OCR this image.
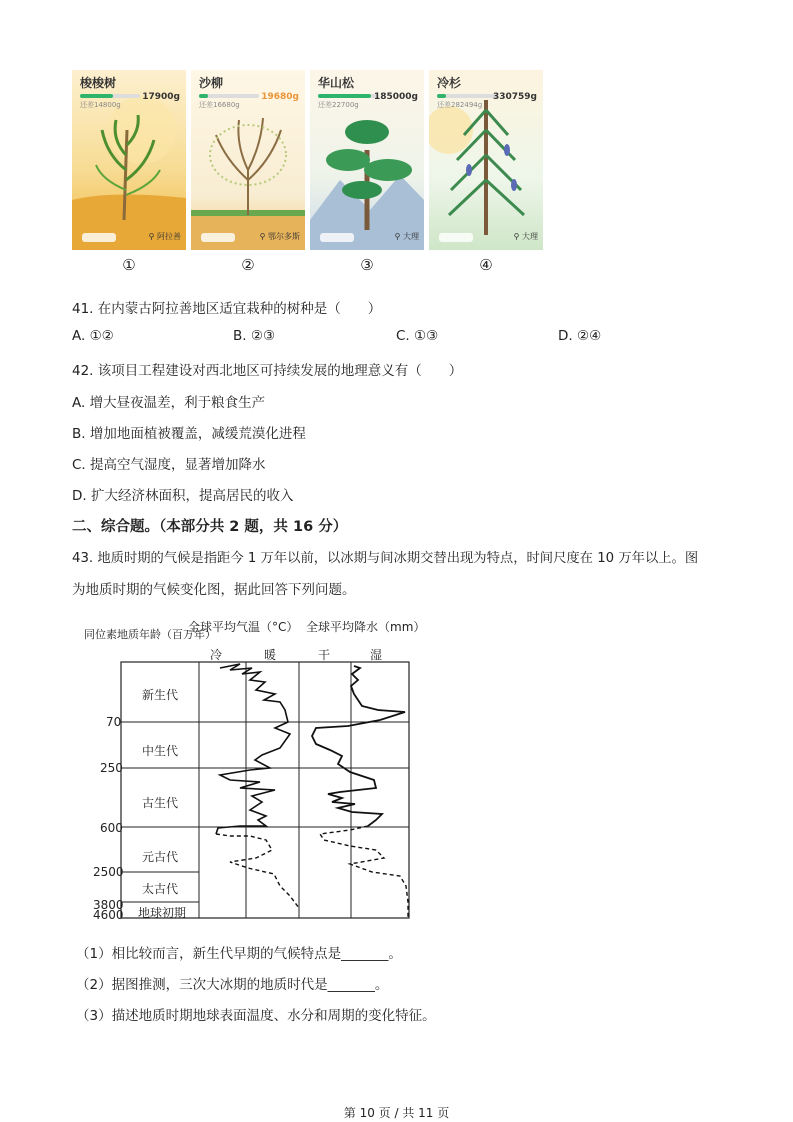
梭梭树
还差14800g
17900g
⚲ 阿拉善
沙柳
还差16680g
19680g
⚲ 鄂尔多斯
华山松
还差22700g
185000g
⚲ 大理
冷杉
还差282494g
330759g
⚲ 大理
①	②	③	④
41. 在内蒙古阿拉善地区适宜栽种的树种是（　　）
A. ①②	B. ②③	C. ①③	D. ②④
42. 该项目工程建设对西北地区可持续发展的地理意义有（　　）
A. 增大昼夜温差，利于粮食生产
B. 增加地面植被覆盖，减缓荒漠化进程
C. 提高空气湿度，显著增加降水
D. 扩大经济林面积，提高居民的收入
二、综合题。（本部分共 2 题，共 16 分）
43. 地质时期的气候是指距今 1 万年以前，以冰期与间冰期交替出现为特点，时间尺度在 10 万年以上。图
为地质时期的气候变化图，据此回答下列问题。
同位素地质年龄（百万年）
全球平均气温（°C） 全球平均降水（mm）
冷	暖	干	湿
新生代
中生代
古生代
元古代
太古代
地球初期
70
250
600
2500
3800
4600
（1）相比较而言，新生代早期的气候特点是_______。
（2）据图推测，三次大冰期的地质时代是_______。
（3）描述地质时期地球表面温度、水分和周期的变化特征。
第 10 页 / 共 11 页
